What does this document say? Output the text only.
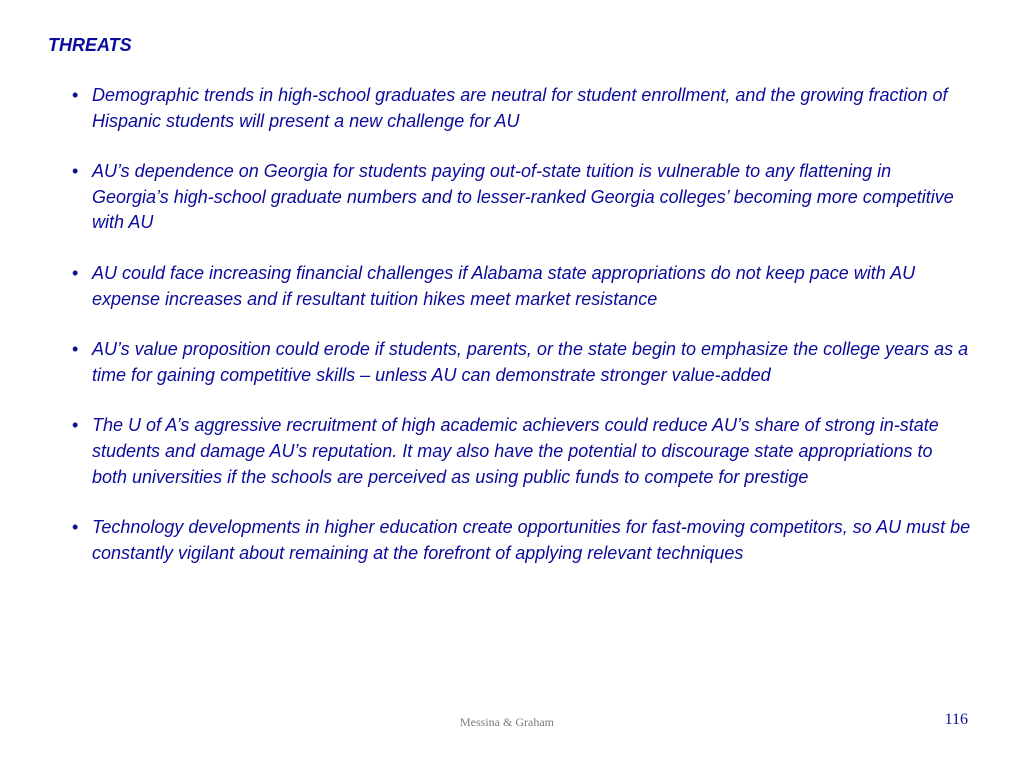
THREATS
• Demographic trends in high-school graduates are neutral for student enrollment, and the growing fraction of Hispanic students will present a new challenge for AU
• AU’s dependence on Georgia for students paying out-of-state tuition is vulnerable to any flattening in Georgia’s high-school graduate numbers and to lesser-ranked Georgia colleges’ becoming more competitive with AU
• AU could face increasing financial challenges if Alabama state appropriations do not keep pace with AU expense increases and if resultant tuition hikes meet market resistance
• AU’s value proposition could erode if students, parents, or the state begin to emphasize the college years as a time for gaining competitive skills – unless AU can demonstrate stronger value-added
• The U of A’s aggressive recruitment of high academic achievers could reduce AU’s share of strong in-state students and damage AU’s reputation. It may also have the potential to discourage state appropriations to both universities if the schools are perceived as using public funds to compete for prestige
• Technology developments in higher education create opportunities for fast-moving competitors, so AU must be constantly vigilant about remaining at the forefront of applying relevant techniques
Messina & Graham	116
